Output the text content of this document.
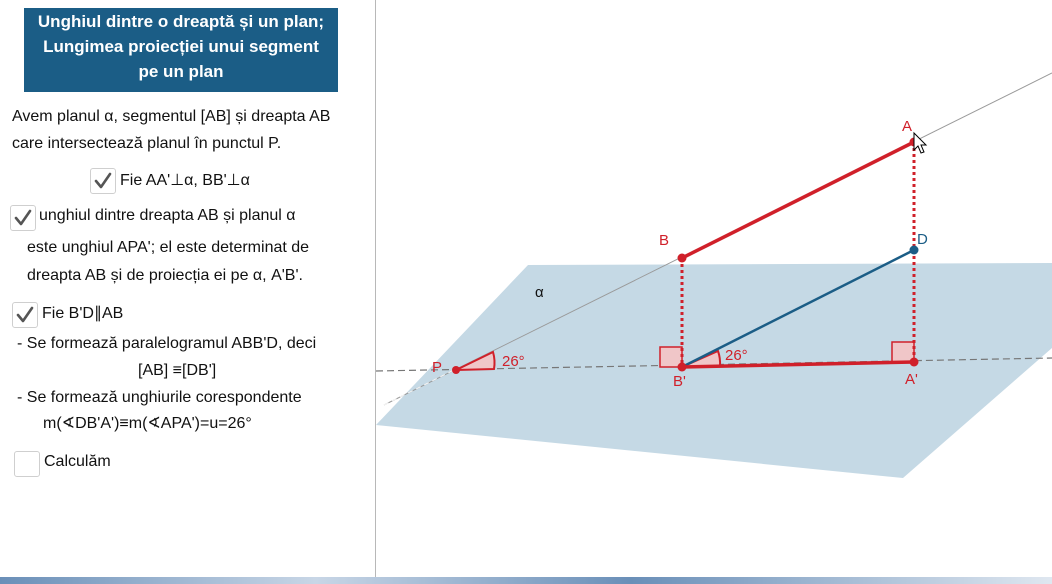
Unghiul dintre o dreaptă și un plan;
Lungimea proiecției unui segment
pe un plan
Avem planul α, segmentul [AB] și dreapta AB
care intersectează planul în punctul P.
Fie AA'⊥α, BB'⊥α
unghiul dintre dreapta AB și planul α
este unghiul APA'; el este determinat de
dreapta AB și de proiecția ei pe α, A'B'.
Fie B'D∥AB
- Se formează paralelogramul ABB'D, deci
[AB] ≡[DB']
- Se formează unghiurile corespondente
m(∢DB'A')≡m(∢APA')=u=26°
Calculăm
α
26°	26°
P
B
A
D
B'	A'
